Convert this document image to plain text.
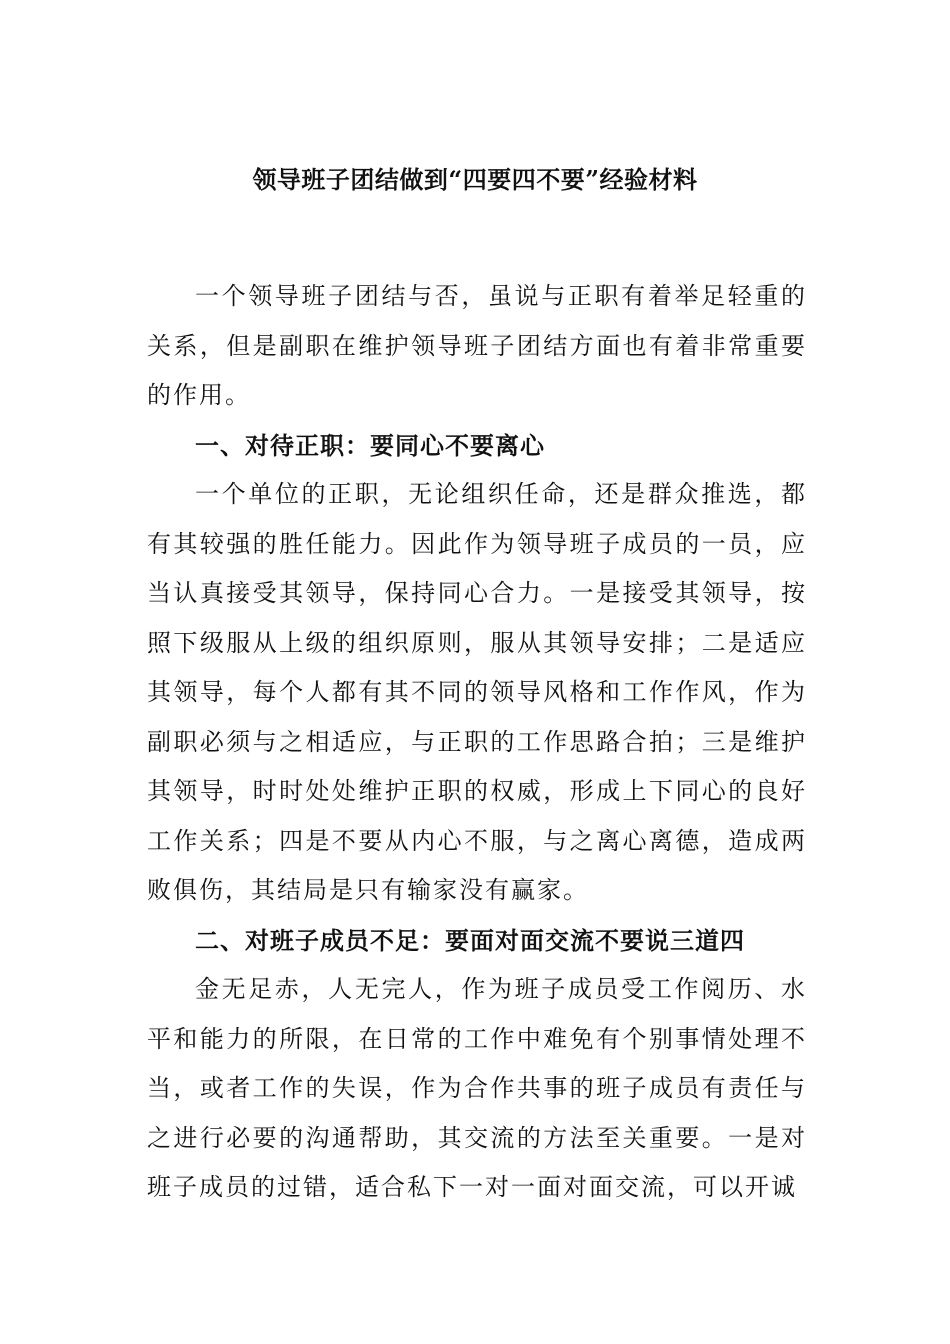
领导班子团结做到“四要四不要”经验材料

一个领导班子团结与否，虽说与正职有着举足轻重的关系，但是副职在维护领导班子团结方面也有着非常重要的作用。

一、对待正职：要同心不要离心

一个单位的正职，无论组织任命，还是群众推选，都有其较强的胜任能力。因此作为领导班子成员的一员，应当认真接受其领导，保持同心合力。一是接受其领导，按照下级服从上级的组织原则，服从其领导安排；二是适应其领导，每个人都有其不同的领导风格和工作作风，作为副职必须与之相适应，与正职的工作思路合拍；三是维护其领导，时时处处维护正职的权威，形成上下同心的良好工作关系；四是不要从内心不服，与之离心离德，造成两败俱伤，其结局是只有输家没有赢家。

二、对班子成员不足：要面对面交流不要说三道四

金无足赤，人无完人，作为班子成员受工作阅历、水平和能力的所限，在日常的工作中难免有个别事情处理不当，或者工作的失误，作为合作共事的班子成员有责任与之进行必要的沟通帮助，其交流的方法至关重要。一是对班子成员的过错，适合私下一对一面对面交流，可以开诚
